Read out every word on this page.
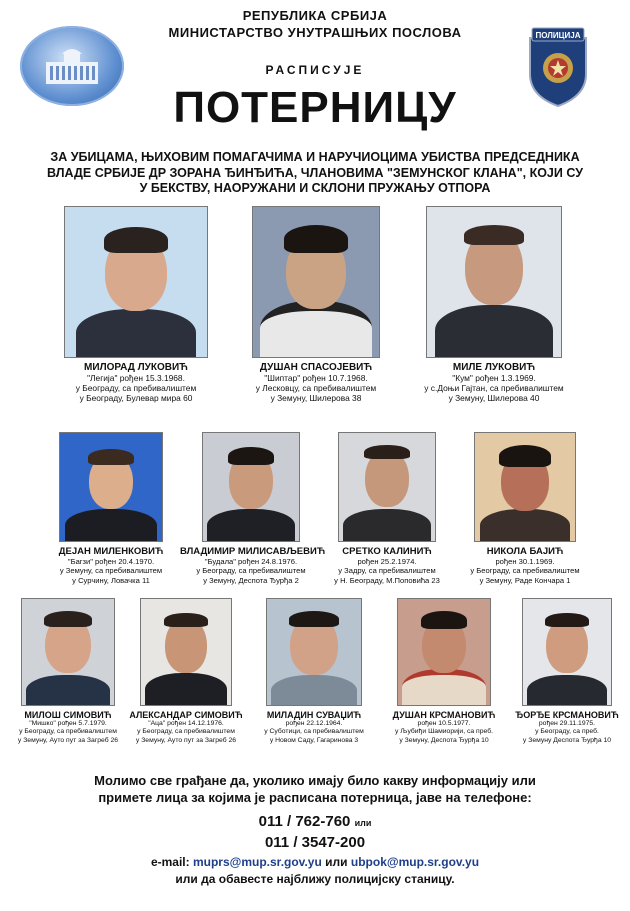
РЕПУБЛИКА СРБИЈА
МИНИСТАРСТВО УНУТРАШЊИХ ПОСЛОВА
РАСПИСУЈЕ
ПОТЕРНИЦУ
ЗА УБИЦАМА, ЊИХОВИМ ПОМАГАЧИМА И НАРУЧИОЦИМА УБИСТВА ПРЕДСЕДНИКА
ВЛАДЕ СРБИЈЕ ДР ЗОРАНА ЂИНЂИЋА, ЧЛАНОВИМА "ЗЕМУНСКОГ КЛАНА", КОЈИ СУ
У БЕКСТВУ, НАОРУЖАНИ И СКЛОНИ ПРУЖАЊУ ОТПОРА
ПОЛИЦИЈА
МИЛОРАД ЛУКОВИЋ
"Легија" рођен 15.3.1968.
у Београду, са пребивалиштем
у Београду, Булевар мира 60
ДУШАН СПАСОЈЕВИЋ
"Шиптар" рођен 10.7.1968.
у Лесковцу, са пребивалиштем
у Земуну, Шилерова 38
МИЛЕ ЛУКОВИЋ
"Кум" рођен 1.3.1969.
у с.Доњи Гајтан, са пребивалиштем
у Земуну, Шилерова 40
ДЕЈАН МИЛЕНКОВИЋ
"Багзи" рођен 20.4.1970.
у Земуну, са пребивалиштем
у Сурчину, Ловачка 11
ВЛАДИМИР МИЛИСАВЉЕВИЋ
"Будала" рођен 24.8.1976.
у Београду, са пребивалиштем
у Земуну, Деспота Ђурђа 2
СРЕТКО КАЛИНИЋ
рођен 25.2.1974.
у Задру, са пребивалиштем
у Н. Београду, М.Поповића 23
НИКОЛА БАЈИЋ
рођен 30.1.1969.
у Београду, са пребивалиштем
у Земуну, Раде Кончара 1
МИЛОШ СИМОВИЋ
"Мишко" рођен 5.7.1979.
у Београду, са пребивалиштем
у Земуну, Ауто пут за Загреб 26
АЛЕКСАНДАР СИМОВИЋ
"Аца" рођен 14.12.1976.
у Београду, са пребивалиштем
у Земуну, Ауто пут за Загреб 26
МИЛАДИН СУВАЏИЋ
рођен 22.12.1964.
у Суботици, са пребивалиштем
у Новом Саду, Гагаринова 3
ДУШАН КРСМАНОВИЋ
рођен 10.5.1977.
у Љубиђи Шамиорији, са преб.
у Земуну, Деспота Ђурђа 10
ЂОРЂЕ КРСМАНОВИЋ
рођен 29.11.1975.
у Београду, са преб.
у Земуну Деспота Ђурђа 10
Молимо све грађане да, уколико имају било какву информацију или
примете лица за којима је расписана потерница, јаве на телефоне:
011 / 762-760 или
011 / 3547-200
e-mail: muprs@mup.sr.gov.yu или ubpok@mup.sr.gov.yu
или да обавесте најближу полицијску станицу.
